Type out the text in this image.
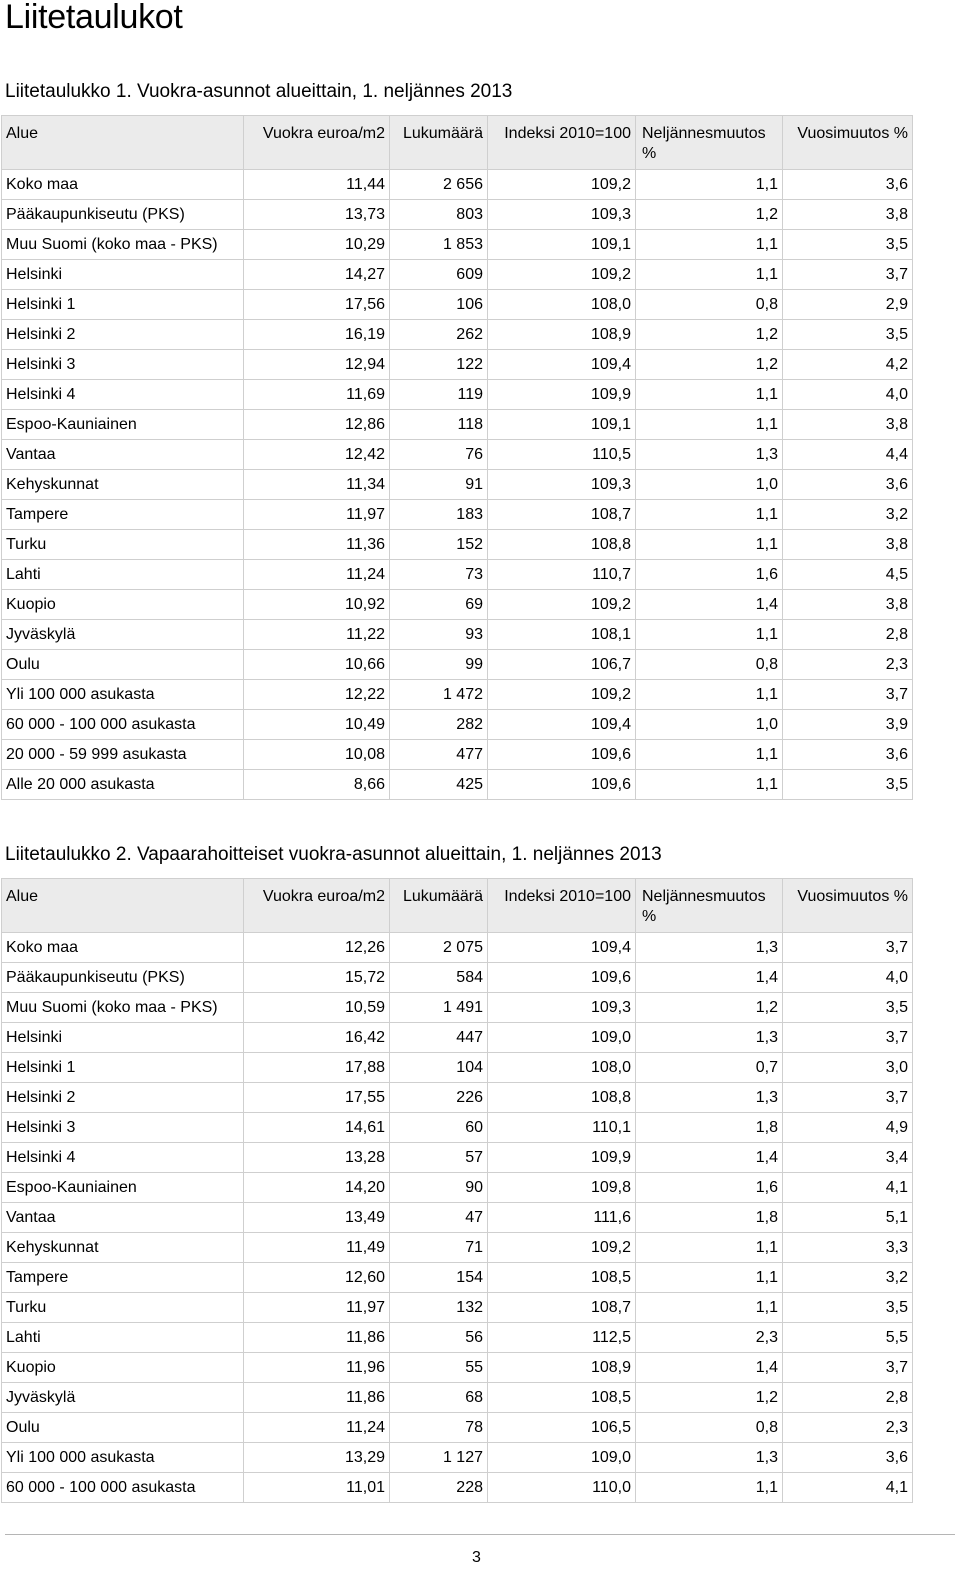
Liitetaulukot
Liitetaulukko 1. Vuokra-asunnot alueittain, 1. neljännes 2013
Alue	Vuokra euroa/m2	Lukumäärä	Indeksi 2010=100	Neljännesmuutos %	Vuosimuutos %
Koko maa	11,44	2 656	109,2	1,1	3,6
Pääkaupunkiseutu (PKS)	13,73	803	109,3	1,2	3,8
Muu Suomi (koko maa - PKS)	10,29	1 853	109,1	1,1	3,5
Helsinki	14,27	609	109,2	1,1	3,7
Helsinki 1	17,56	106	108,0	0,8	2,9
Helsinki 2	16,19	262	108,9	1,2	3,5
Helsinki 3	12,94	122	109,4	1,2	4,2
Helsinki 4	11,69	119	109,9	1,1	4,0
Espoo-Kauniainen	12,86	118	109,1	1,1	3,8
Vantaa	12,42	76	110,5	1,3	4,4
Kehyskunnat	11,34	91	109,3	1,0	3,6
Tampere	11,97	183	108,7	1,1	3,2
Turku	11,36	152	108,8	1,1	3,8
Lahti	11,24	73	110,7	1,6	4,5
Kuopio	10,92	69	109,2	1,4	3,8
Jyväskylä	11,22	93	108,1	1,1	2,8
Oulu	10,66	99	106,7	0,8	2,3
Yli 100 000 asukasta	12,22	1 472	109,2	1,1	3,7
60 000 - 100 000 asukasta	10,49	282	109,4	1,0	3,9
20 000 - 59 999 asukasta	10,08	477	109,6	1,1	3,6
Alle 20 000 asukasta	8,66	425	109,6	1,1	3,5
Liitetaulukko 2. Vapaarahoitteiset vuokra-asunnot alueittain, 1. neljännes 2013
Alue	Vuokra euroa/m2	Lukumäärä	Indeksi 2010=100	Neljännesmuutos %	Vuosimuutos %
Koko maa	12,26	2 075	109,4	1,3	3,7
Pääkaupunkiseutu (PKS)	15,72	584	109,6	1,4	4,0
Muu Suomi (koko maa - PKS)	10,59	1 491	109,3	1,2	3,5
Helsinki	16,42	447	109,0	1,3	3,7
Helsinki 1	17,88	104	108,0	0,7	3,0
Helsinki 2	17,55	226	108,8	1,3	3,7
Helsinki 3	14,61	60	110,1	1,8	4,9
Helsinki 4	13,28	57	109,9	1,4	3,4
Espoo-Kauniainen	14,20	90	109,8	1,6	4,1
Vantaa	13,49	47	111,6	1,8	5,1
Kehyskunnat	11,49	71	109,2	1,1	3,3
Tampere	12,60	154	108,5	1,1	3,2
Turku	11,97	132	108,7	1,1	3,5
Lahti	11,86	56	112,5	2,3	5,5
Kuopio	11,96	55	108,9	1,4	3,7
Jyväskylä	11,86	68	108,5	1,2	2,8
Oulu	11,24	78	106,5	0,8	2,3
Yli 100 000 asukasta	13,29	1 127	109,0	1,3	3,6
60 000 - 100 000 asukasta	11,01	228	110,0	1,1	4,1
3
